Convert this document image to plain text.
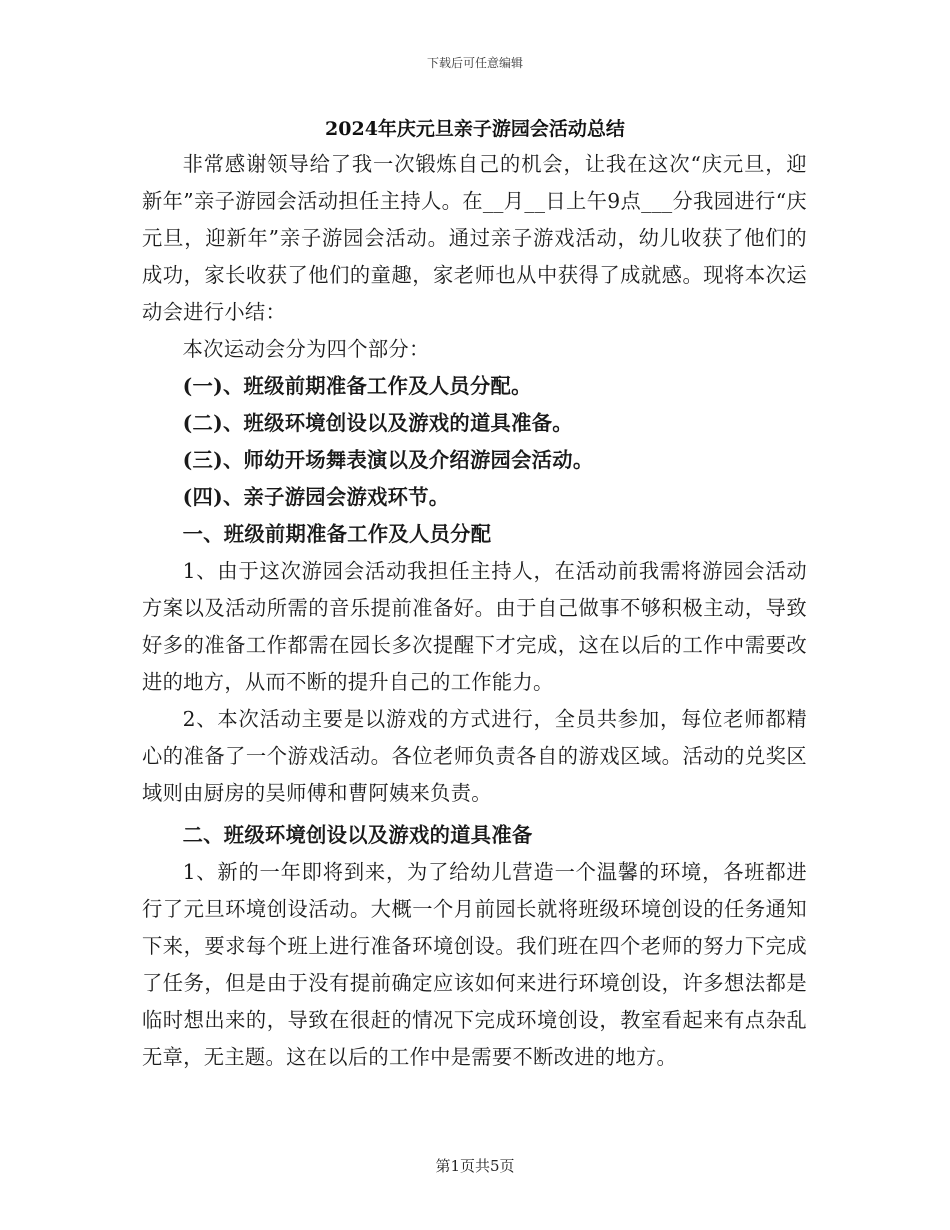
下载后可任意编辑
2024年庆元旦亲子游园会活动总结

非常感谢领导给了我一次锻炼自己的机会，让我在这次“庆元旦，迎新年”亲子游园会活动担任主持人。在__月__日上午9点___分我园进行“庆元旦，迎新年”亲子游园会活动。通过亲子游戏活动，幼儿收获了他们的成功，家长收获了他们的童趣，家老师也从中获得了成就感。现将本次运动会进行小结：

本次运动会分为四个部分：

(一)、班级前期准备工作及人员分配。

(二)、班级环境创设以及游戏的道具准备。

(三)、师幼开场舞表演以及介绍游园会活动。

(四)、亲子游园会游戏环节。

一、班级前期准备工作及人员分配

1、由于这次游园会活动我担任主持人，在活动前我需将游园会活动方案以及活动所需的音乐提前准备好。由于自己做事不够积极主动，导致好多的准备工作都需在园长多次提醒下才完成，这在以后的工作中需要改进的地方，从而不断的提升自己的工作能力。

2、本次活动主要是以游戏的方式进行，全员共参加，每位老师都精心的准备了一个游戏活动。各位老师负责各自的游戏区域。活动的兑奖区域则由厨房的吴师傅和曹阿姨来负责。

二、班级环境创设以及游戏的道具准备

1、新的一年即将到来，为了给幼儿营造一个温馨的环境，各班都进行了元旦环境创设活动。大概一个月前园长就将班级环境创设的任务通知下来，要求每个班上进行准备环境创设。我们班在四个老师的努力下完成了任务，但是由于没有提前确定应该如何来进行环境创设，许多想法都是临时想出来的，导致在很赶的情况下完成环境创设，教室看起来有点杂乱无章，无主题。这在以后的工作中是需要不断改进的地方。

第1页共5页
